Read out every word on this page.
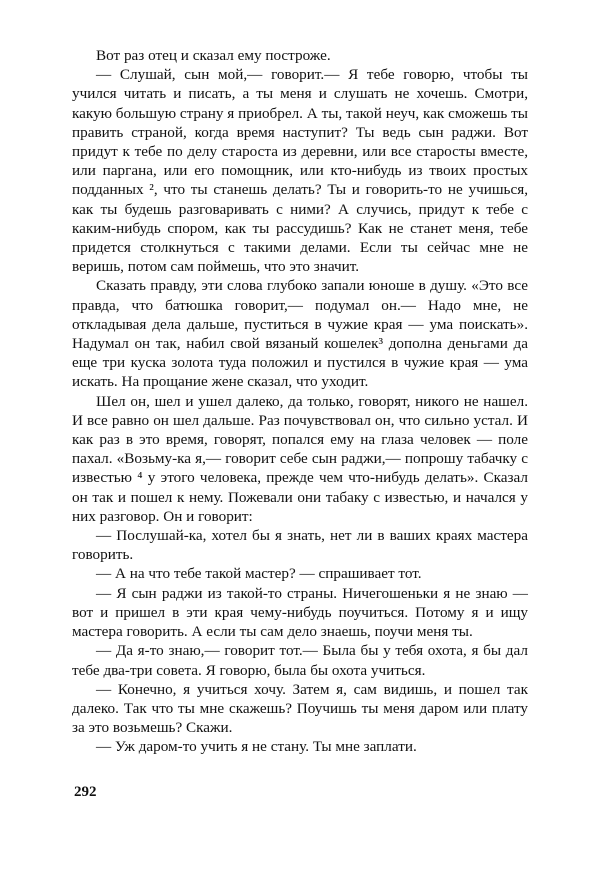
Вот раз отец и сказал ему построже.

— Слушай, сын мой,— говорит.— Я тебе говорю, чтобы ты учился читать и писать, а ты меня и слушать не хочешь. Смотри, какую большую страну я приобрел. А ты, такой неуч, как сможешь ты править страной, когда время наступит? Ты ведь сын раджи. Вот придут к тебе по делу староста из деревни, или все старосты вместе, или паргана, или его помощник, или кто-нибудь из твоих простых подданных ², что ты станешь делать? Ты и говорить-то не учишься, как ты будешь разговаривать с ними? А случись, придут к тебе с каким-нибудь спором, как ты рассудишь? Как не станет меня, тебе придется столкнуться с такими делами. Если ты сейчас мне не веришь, потом сам поймешь, что это значит.

Сказать правду, эти слова глубоко запали юноше в душу. «Это все правда, что батюшка говорит,— подумал он.— Надо мне, не откладывая дела дальше, пуститься в чужие края — ума поискать». Надумал он так, набил свой вязаный кошелек³ дополна деньгами да еще три куска золота туда положил и пустился в чужие края — ума искать. На прощание жене сказал, что уходит.

Шел он, шел и ушел далеко, да только, говорят, никого не нашел. И все равно он шел дальше. Раз почувствовал он, что сильно устал. И как раз в это время, говорят, попался ему на глаза человек — поле пахал. «Возьму-ка я,— говорит себе сын раджи,— попрошу табачку с известью ⁴ у этого человека, прежде чем что-нибудь делать». Сказал он так и пошел к нему. Пожевали они табаку с известью, и начался у них разговор. Он и говорит:

— Послушай-ка, хотел бы я знать, нет ли в ваших краях мастера говорить.

— А на что тебе такой мастер? — спрашивает тот.

— Я сын раджи из такой-то страны. Ничегошеньки я не знаю — вот и пришел в эти края чему-нибудь поучиться. Потому я и ищу мастера говорить. А если ты сам дело знаешь, поучи меня ты.

— Да я-то знаю,— говорит тот.— Была бы у тебя охота, я бы дал тебе два-три совета. Я говорю, была бы охота учиться.

— Конечно, я учиться хочу. Затем я, сам видишь, и пошел так далеко. Так что ты мне скажешь? Поучишь ты меня даром или плату за это возьмешь? Скажи.

— Уж даром-то учить я не стану. Ты мне заплати.

292
